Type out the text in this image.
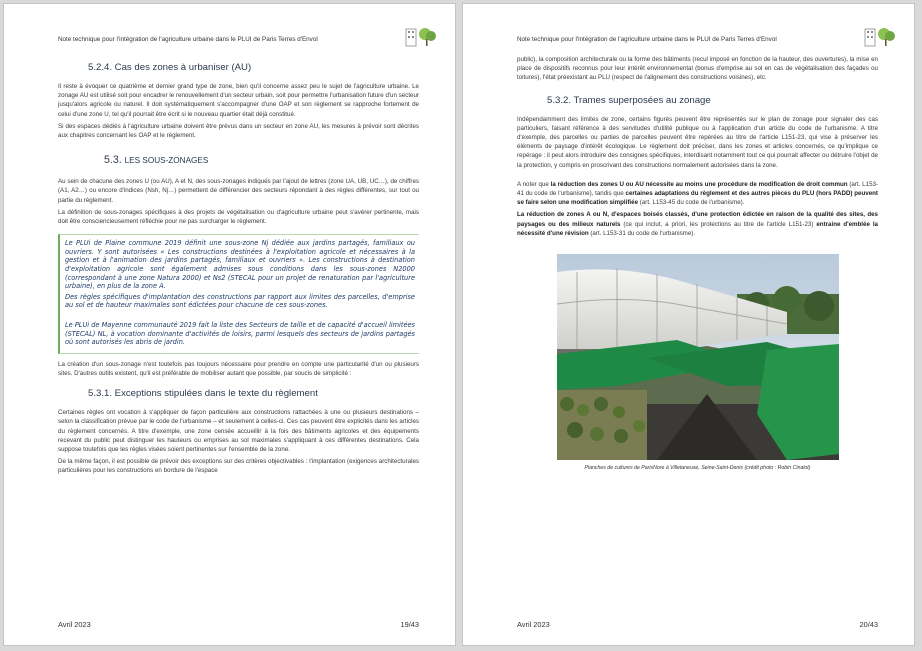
Note technique pour l'intégration de l'agriculture urbaine dans le PLUI de Paris Terres d'Envol
5.2.4. Cas des zones à urbaniser (AU)

Il reste à évoquer ce quatrième et dernier grand type de zone, bien qu'il concerne assez peu le sujet de l'agriculture urbaine. Le zonage AU est utilisé soit pour encadrer le renouvellement d'un secteur urbain, soit pour permettre l'urbanisation future d'un secteur jusqu'alors agricole ou naturel. Il doit systématiquement s'accompagner d'une OAP et son règlement se rapproche fortement de celui d'une zone U, tel qu'il pourrait être écrit si le nouveau quartier était déjà constitué.

Si des espaces dédiés à l'agriculture urbaine doivent être prévus dans un secteur en zone AU, les mesures à prévoir sont décrites aux chapitres concernant les OAP et le règlement.

5.3. LES SOUS-ZONAGES

Au sein de chacune des zones U (ou AU), A et N, des sous-zonages indiqués par l'ajout de lettres (zone UA, UB, UC…), de chiffres (A1, A2…) ou encore d'indices (Nsh, Nj…) permettent de différencier des secteurs répondant à des règles différentes, sur tout ou partie du règlement.

La définition de sous-zonages spécifiques à des projets de végétalisation ou d'agriculture urbaine peut s'avérer pertinente, mais doit être consciencieusement réfléchie pour ne pas surcharger le règlement.

Le PLUi de Plaine commune 2019 définit une sous-zone Nj dédiée aux jardins partagés, familiaux ou ouvriers. Y sont autorisées « Les constructions destinées à l'exploitation agricole et nécessaires à la gestion et à l'animation des jardins partagés, familiaux et ouvriers ». Les constructions à destination d'exploitation agricole sont également admises sous conditions dans les sous-zones N2000 (correspondant à une zone Natura 2000) et Ns2 (STECAL pour un projet de renaturation par l'agriculture urbaine), en plus de la zone A.

Des règles spécifiques d'implantation des constructions par rapport aux limites des parcelles, d'emprise au sol et de hauteur maximales sont édictées pour chacune de ces sous-zones.

Le PLUi de Mayenne communauté 2019 fait la liste des Secteurs de taille et de capacité d'accueil limitées (STECAL) NL, à vocation dominante d'activités de loisirs, parmi lesquels des secteurs de jardins partagés où sont autorisés les abris de jardin.

La création d'un sous-zonage n'est toutefois pas toujours nécessaire pour prendre en compte une particularité d'un ou plusieurs sites. D'autres outils existent, qu'il est préférable de mobiliser autant que possible, par soucis de simplicité :

5.3.1. Exceptions stipulées dans le texte du règlement

Certaines règles ont vocation à s'appliquer de façon particulière aux constructions rattachées à une ou plusieurs destinations – selon la classification prévue par le code de l'urbanisme – et seulement à celles-ci. Ces cas peuvent être explicités dans les articles du règlement concernés. A titre d'exemple, une zone censée accueillir à la fois des bâtiments agricoles et des équipements recevant du public peut distinguer les hauteurs ou emprises au sol maximales s'appliquant à ces différentes destinations. Cela suppose toutefois que les règles visées soient pertinentes sur l'ensemble de la zone.

De la même façon, il est possible de prévoir des exceptions sur des critères objectivables : l'implantation (exigences architecturales particulières pour les constructions en bordure de l'espace

Avril 2023	19/43
Note technique pour l'intégration de l'agriculture urbaine dans le PLUI de Paris Terres d'Envol

public), la composition architecturale ou la forme des bâtiments (recul imposé en fonction de la hauteur, des ouvertures), la mise en place de dispositifs reconnus pour leur intérêt environnemental (bonus d'emprise au sol en cas de végétalisation des façades ou toitures), l'état préexistant au PLU (respect de l'alignement des constructions voisines), etc.

5.3.2. Trames superposées au zonage

Indépendamment des limites de zone, certains figurés peuvent être représentés sur le plan de zonage pour signaler des cas particuliers, faisant référence à des servitudes d'utilité publique ou à l'application d'un article du code de l'urbanisme. A titre d'exemple, des parcelles ou parties de parcelles peuvent être repérées au titre de l'article L151-23, qui vise à préserver les éléments de paysage d'intérêt écologique. Le règlement doit préciser, dans les zones et articles concernés, ce qu'implique ce repérage : il peut alors introduire des consignes spécifiques, interdisant notamment tout ce qui pourrait affecter ou détruire l'objet de la protection, y compris en proscrivant des constructions normalement autorisées dans la zone.

A noter que la réduction des zones U ou AU nécessite au moins une procédure de modification de droit commun (art. L153-41 du code de l'urbanisme), tandis que certaines adaptations du règlement et des autres pièces du PLU (hors PADD) peuvent se faire selon une modification simplifiée (art. L153-45 du code de l'urbanisme).

La réduction de zones A ou N, d'espaces boisés classés, d'une protection édictée en raison de la qualité des sites, des paysages ou des milieux naturels (ce qui inclut, a priori, les protections au titre de l'article L151-23) entraine d'emblée la nécessité d'une révision (art. L153-31 du code de l'urbanisme).

Planches de cultures de ParisNore à Villetaneuse, Seine-Saint-Denis (crédit photo : Robin Cinalot)
Avril 2023	20/43
